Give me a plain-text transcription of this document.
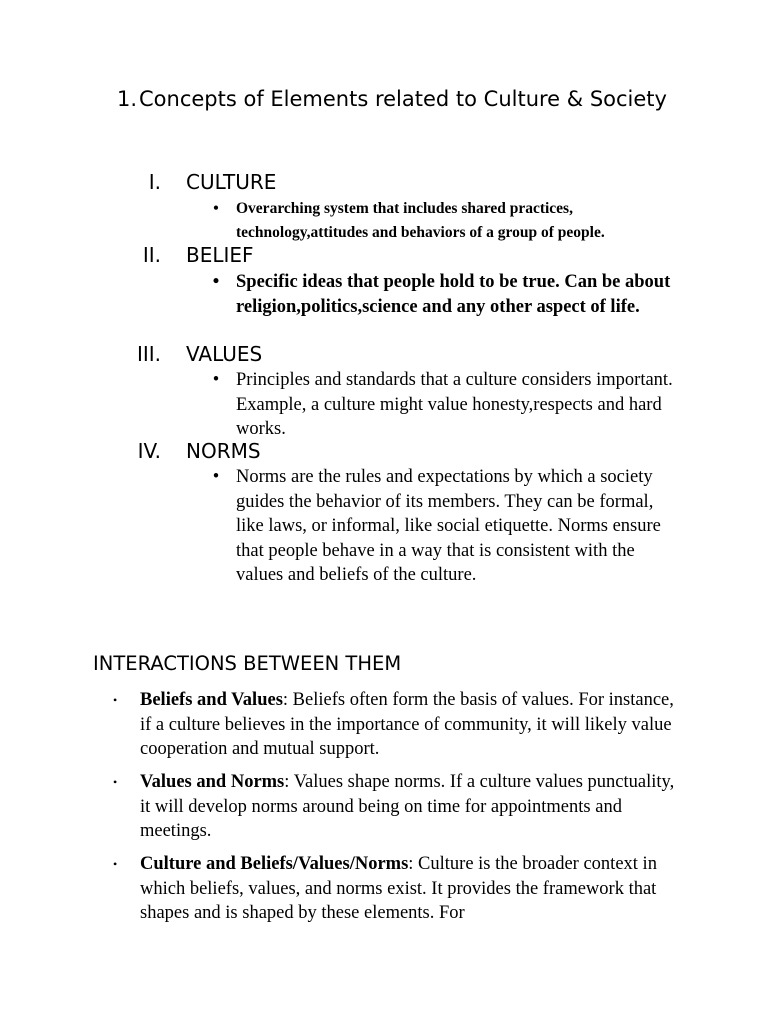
1. Concepts of Elements related to Culture & Society
I. CULTURE
• Overarching system that includes shared practices, technology,attitudes and behaviors of a group of people.
II. BELIEF
• Specific ideas that people hold to be true. Can be about religion,politics,science and any other aspect of life.
III. VALUES
• Principles and standards that a culture considers important. Example, a culture might value honesty,respects and hard works.
IV. NORMS
• Norms are the rules and expectations by which a society guides the behavior of its members. They can be formal, like laws, or informal, like social etiquette. Norms ensure that people behave in a way that is consistent with the values and beliefs of the culture.
INTERACTIONS BETWEEN THEM
• Beliefs and Values: Beliefs often form the basis of values. For instance, if a culture believes in the importance of community, it will likely value cooperation and mutual support.
• Values and Norms: Values shape norms. If a culture values punctuality, it will develop norms around being on time for appointments and meetings.
• Culture and Beliefs/Values/Norms: Culture is the broader context in which beliefs, values, and norms exist. It provides the framework that shapes and is shaped by these elements. For
